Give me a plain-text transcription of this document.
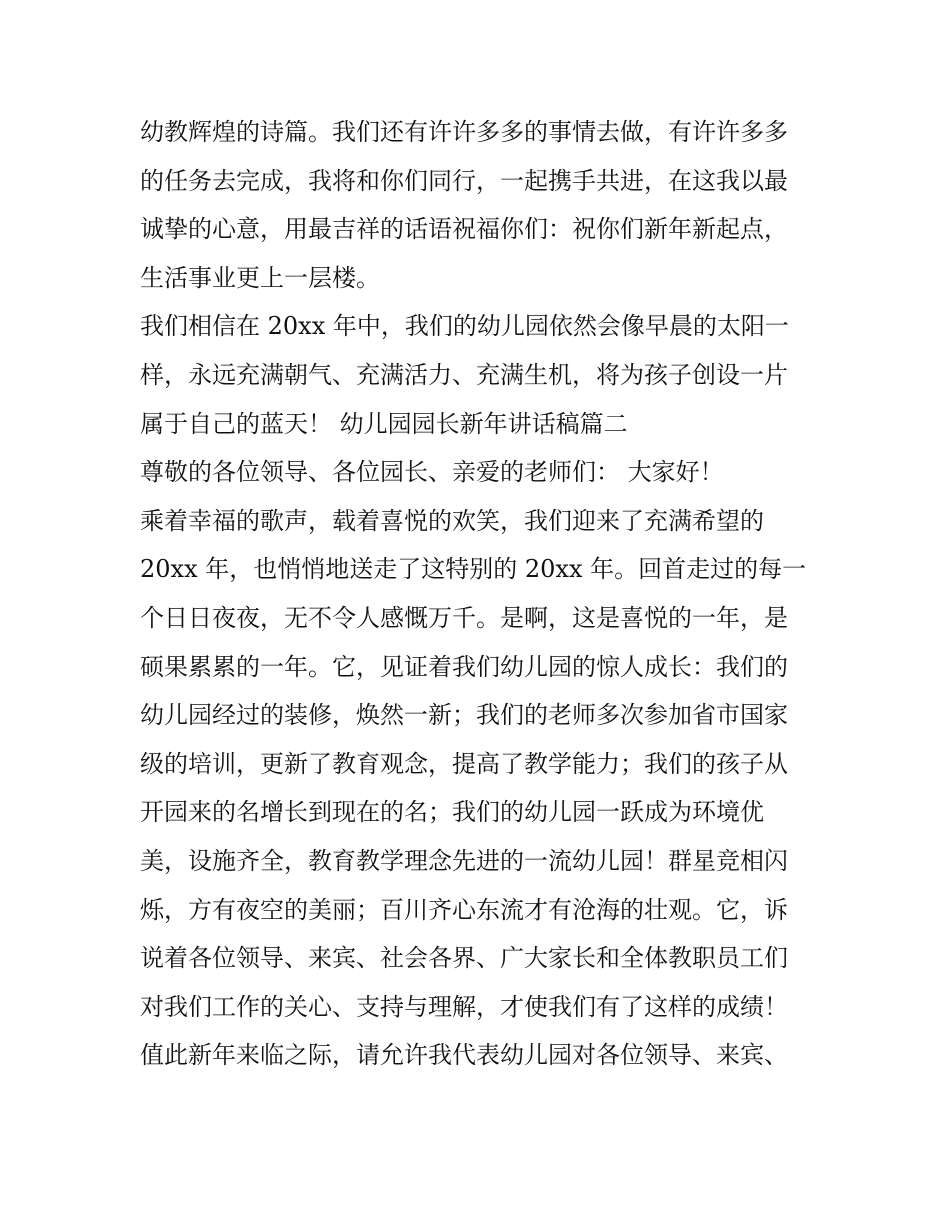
幼教辉煌的诗篇。我们还有许许多多的事情去做，有许许多多
的任务去完成，我将和你们同行，一起携手共进，在这我以最
诚挚的心意，用最吉祥的话语祝福你们：祝你们新年新起点，
生活事业更上一层楼。
我们相信在 20xx 年中，我们的幼儿园依然会像早晨的太阳一
样，永远充满朝气、充满活力、充满生机，将为孩子创设一片
属于自己的蓝天！ 幼儿园园长新年讲话稿篇二
尊敬的各位领导、各位园长、亲爱的老师们： 大家好！
乘着幸福的歌声，载着喜悦的欢笑，我们迎来了充满希望的
20xx 年，也悄悄地送走了这特别的 20xx 年。回首走过的每一
个日日夜夜，无不令人感慨万千。是啊，这是喜悦的一年，是
硕果累累的一年。它，见证着我们幼儿园的惊人成长：我们的
幼儿园经过的装修，焕然一新；我们的老师多次参加省市国家
级的培训，更新了教育观念，提高了教学能力；我们的孩子从
开园来的名增长到现在的名；我们的幼儿园一跃成为环境优
美，设施齐全，教育教学理念先进的一流幼儿园！群星竞相闪
烁，方有夜空的美丽；百川齐心东流才有沧海的壮观。它，诉
说着各位领导、来宾、社会各界、广大家长和全体教职员工们
对我们工作的关心、支持与理解，才使我们有了这样的成绩！
值此新年来临之际，请允许我代表幼儿园对各位领导、来宾、
